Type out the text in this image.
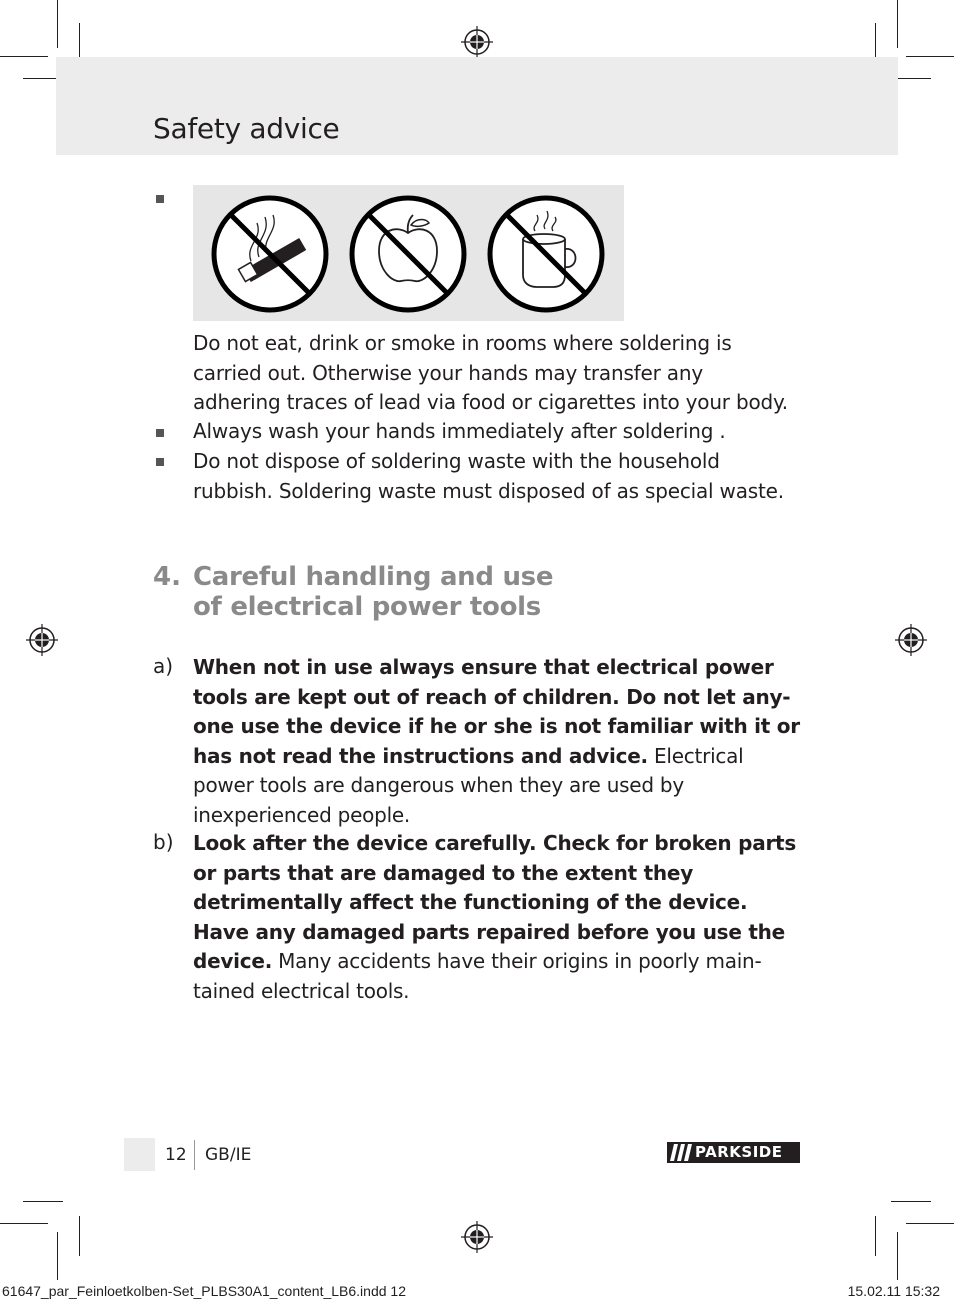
Safety advice
Do not eat, drink or smoke in rooms where soldering is carried out. Otherwise your hands may transfer any adhering traces of lead via food or cigarettes into your body.
Always wash your hands immediately after soldering .
Do not dispose of soldering waste with the household rubbish. Soldering waste must disposed of as special waste.
4. Careful handling and use
of electrical power tools
a) When not in use always ensure that electrical power tools are kept out of reach of children. Do not let any-one use the device if he or she is not familiar with it or has not read the instructions and advice. Electrical power tools are dangerous when they are used by inexperienced people.
b) Look after the device carefully. Check for broken parts or parts that are damaged to the extent they detrimentally affect the functioning of the device. Have any damaged parts repaired before you use the device. Many accidents have their origins in poorly main-tained electrical tools.
12 GB/IE	PARKSIDE
61647_par_Feinloetkolben-Set_PLBS30A1_content_LB6.indd 12	15.02.11 15:32
